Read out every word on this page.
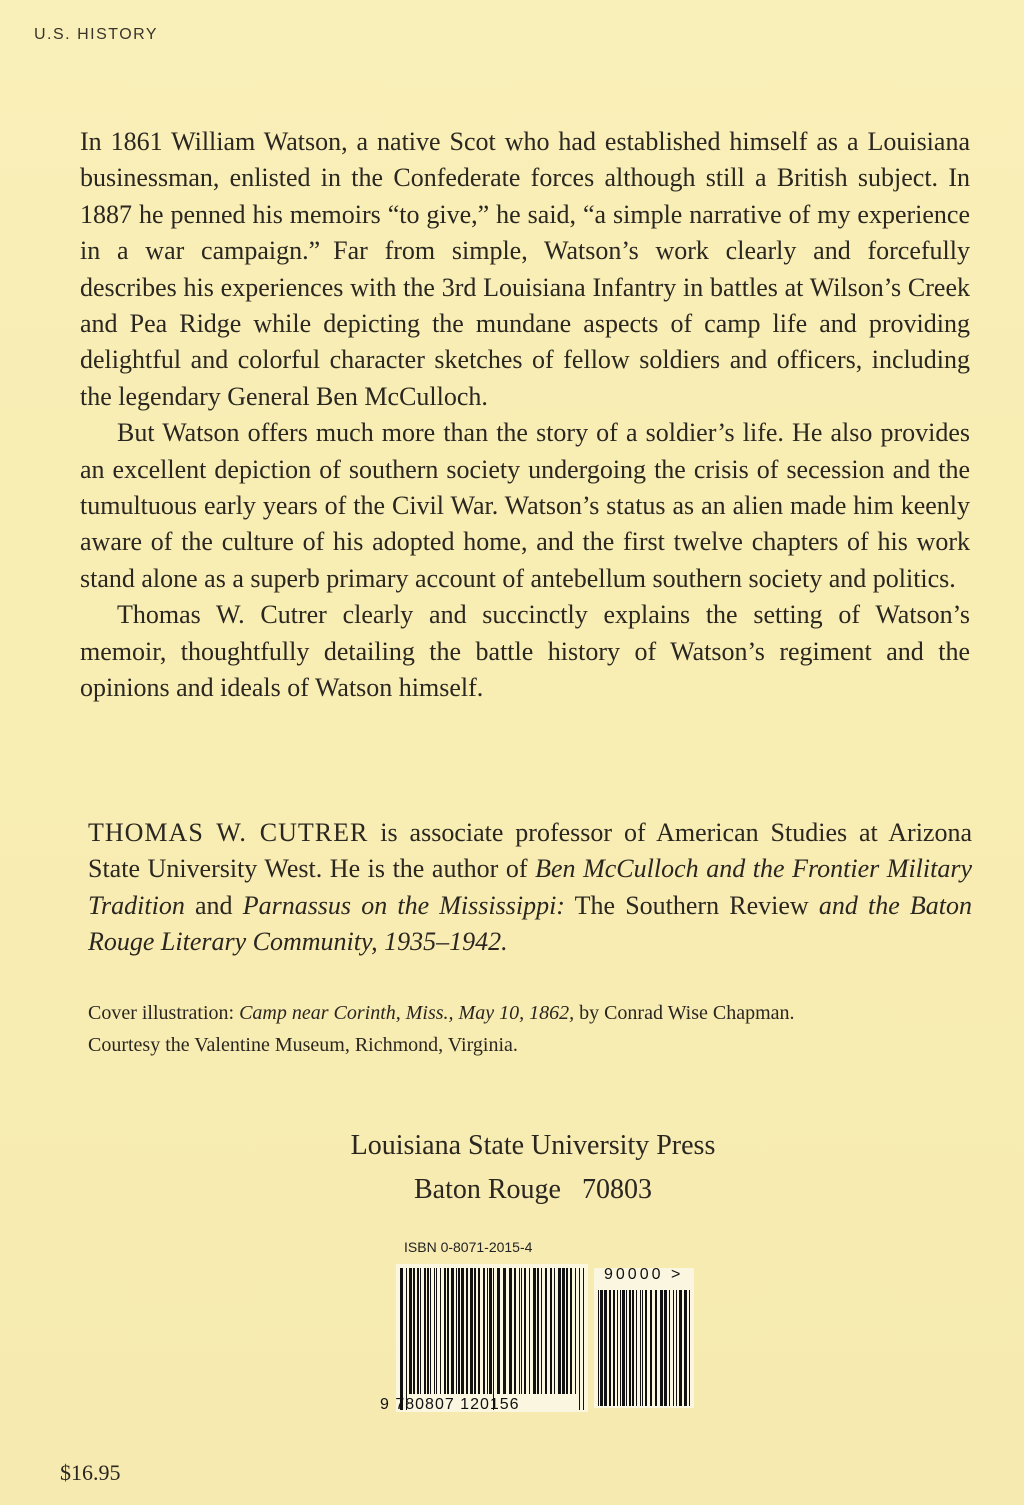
U.S. HISTORY

In 1861 William Watson, a native Scot who had established himself as a Louisiana businessman, enlisted in the Confederate forces although still a British subject. In 1887 he penned his memoirs “to give,” he said, “a simple narrative of my experience in a war campaign.” Far from simple, Watson’s work clearly and forcefully describes his experiences with the 3rd Louisiana Infantry in battles at Wilson’s Creek and Pea Ridge while depicting the mundane aspects of camp life and providing delightful and colorful character sketches of fellow soldiers and officers, including the legendary General Ben McCulloch.

But Watson offers much more than the story of a soldier’s life. He also provides an excellent depiction of southern society undergoing the crisis of secession and the tumultuous early years of the Civil War. Watson’s status as an alien made him keenly aware of the culture of his adopted home, and the first twelve chapters of his work stand alone as a superb primary account of antebellum southern society and politics.

Thomas W. Cutrer clearly and succinctly explains the setting of Watson’s memoir, thoughtfully detailing the battle history of Watson’s regiment and the opinions and ideals of Watson himself.

THOMAS W. CUTRER is associate professor of American Studies at Arizona State University West. He is the author of Ben McCulloch and the Frontier Military Tradition and Parnassus on the Mississippi: The Southern Review and the Baton Rouge Literary Community, 1935–1942.

Cover illustration: Camp near Corinth, Miss., May 10, 1862, by Conrad Wise Chapman.

Courtesy the Valentine Museum, Richmond, Virginia.

Louisiana State University Press
Baton Rouge  70803
ISBN 0-8071-2015-4
9 780807 120156
90000 >
$16.95
